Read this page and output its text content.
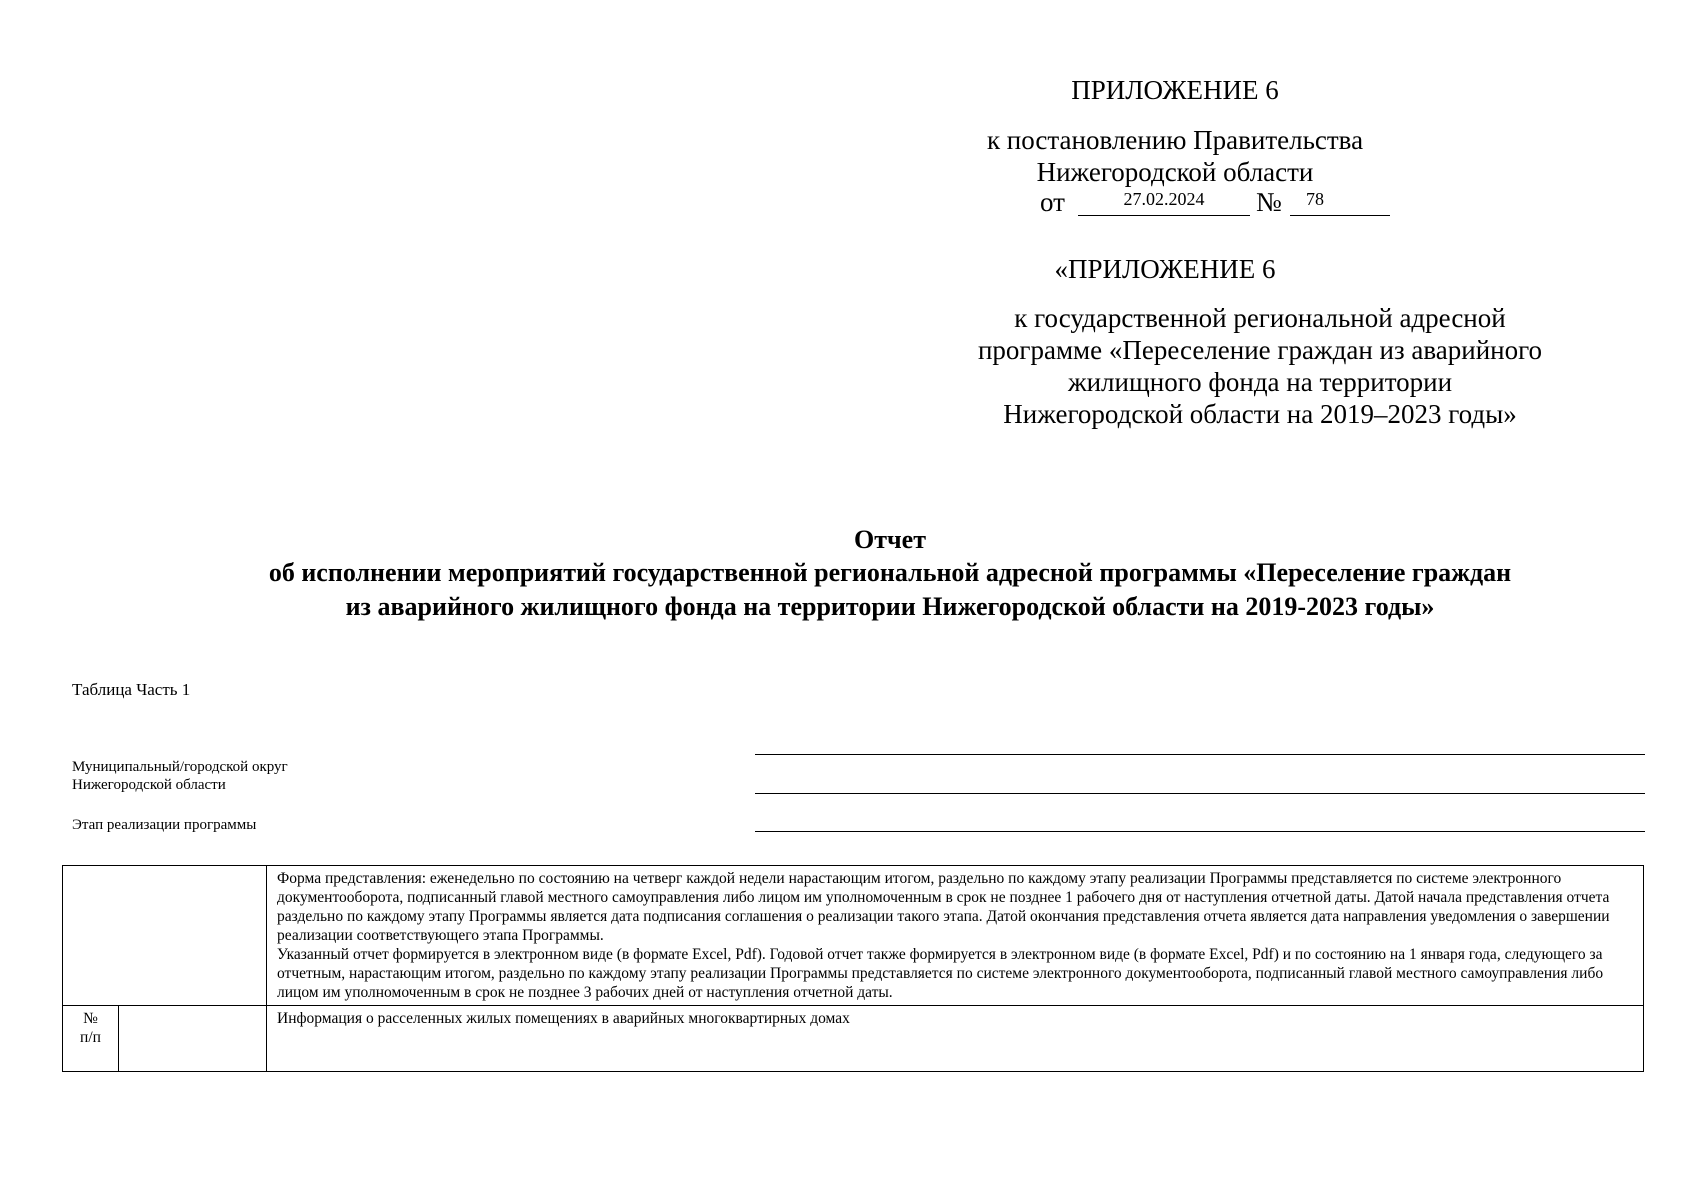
ПРИЛОЖЕНИЕ 6
к постановлению Правительства
Нижегородской области
от	27.02.2024	№	78
«ПРИЛОЖЕНИЕ 6
к государственной региональной адресной
программе «Переселение граждан из аварийного
жилищного фонда на территории
Нижегородской области на 2019–2023 годы»
Отчет
об исполнении мероприятий государственной региональной адресной программы «Переселение граждан
из аварийного жилищного фонда на территории Нижегородской области на 2019-2023 годы»
Таблица Часть 1
Муниципальный/городской округ
Нижегородской области
Этап реализации программы

		Форма представления: еженедельно по состоянию на четверг каждой недели нарастающим итогом, раздельно по каждому этапу реализации Программы представляется по системе электронного документооборота, подписанный главой местного самоуправления либо лицом им уполномоченным в срок не позднее 1 рабочего дня от наступления отчетной даты. Датой начала представления отчета раздельно по каждому этапу Программы является дата подписания соглашения о реализации такого этапа. Датой окончания представления отчета является дата направления уведомления о завершении реализации соответствующего этапа Программы.

Указанный отчет формируется в электронном виде (в формате Excel, Pdf). Годовой отчет также формируется в электронном виде (в формате Excel, Pdf) и по состоянию на 1 января года, следующего за отчетным, нарастающим итогом, раздельно по каждому этапу реализации Программы представляется по системе электронного документооборота, подписанный главой местного самоуправления либо лицом им уполномоченным в срок не позднее 3 рабочих дней от наступления отчетной даты.

№
п/п		Информация о расселенных жилых помещениях в аварийных многоквартирных домах
